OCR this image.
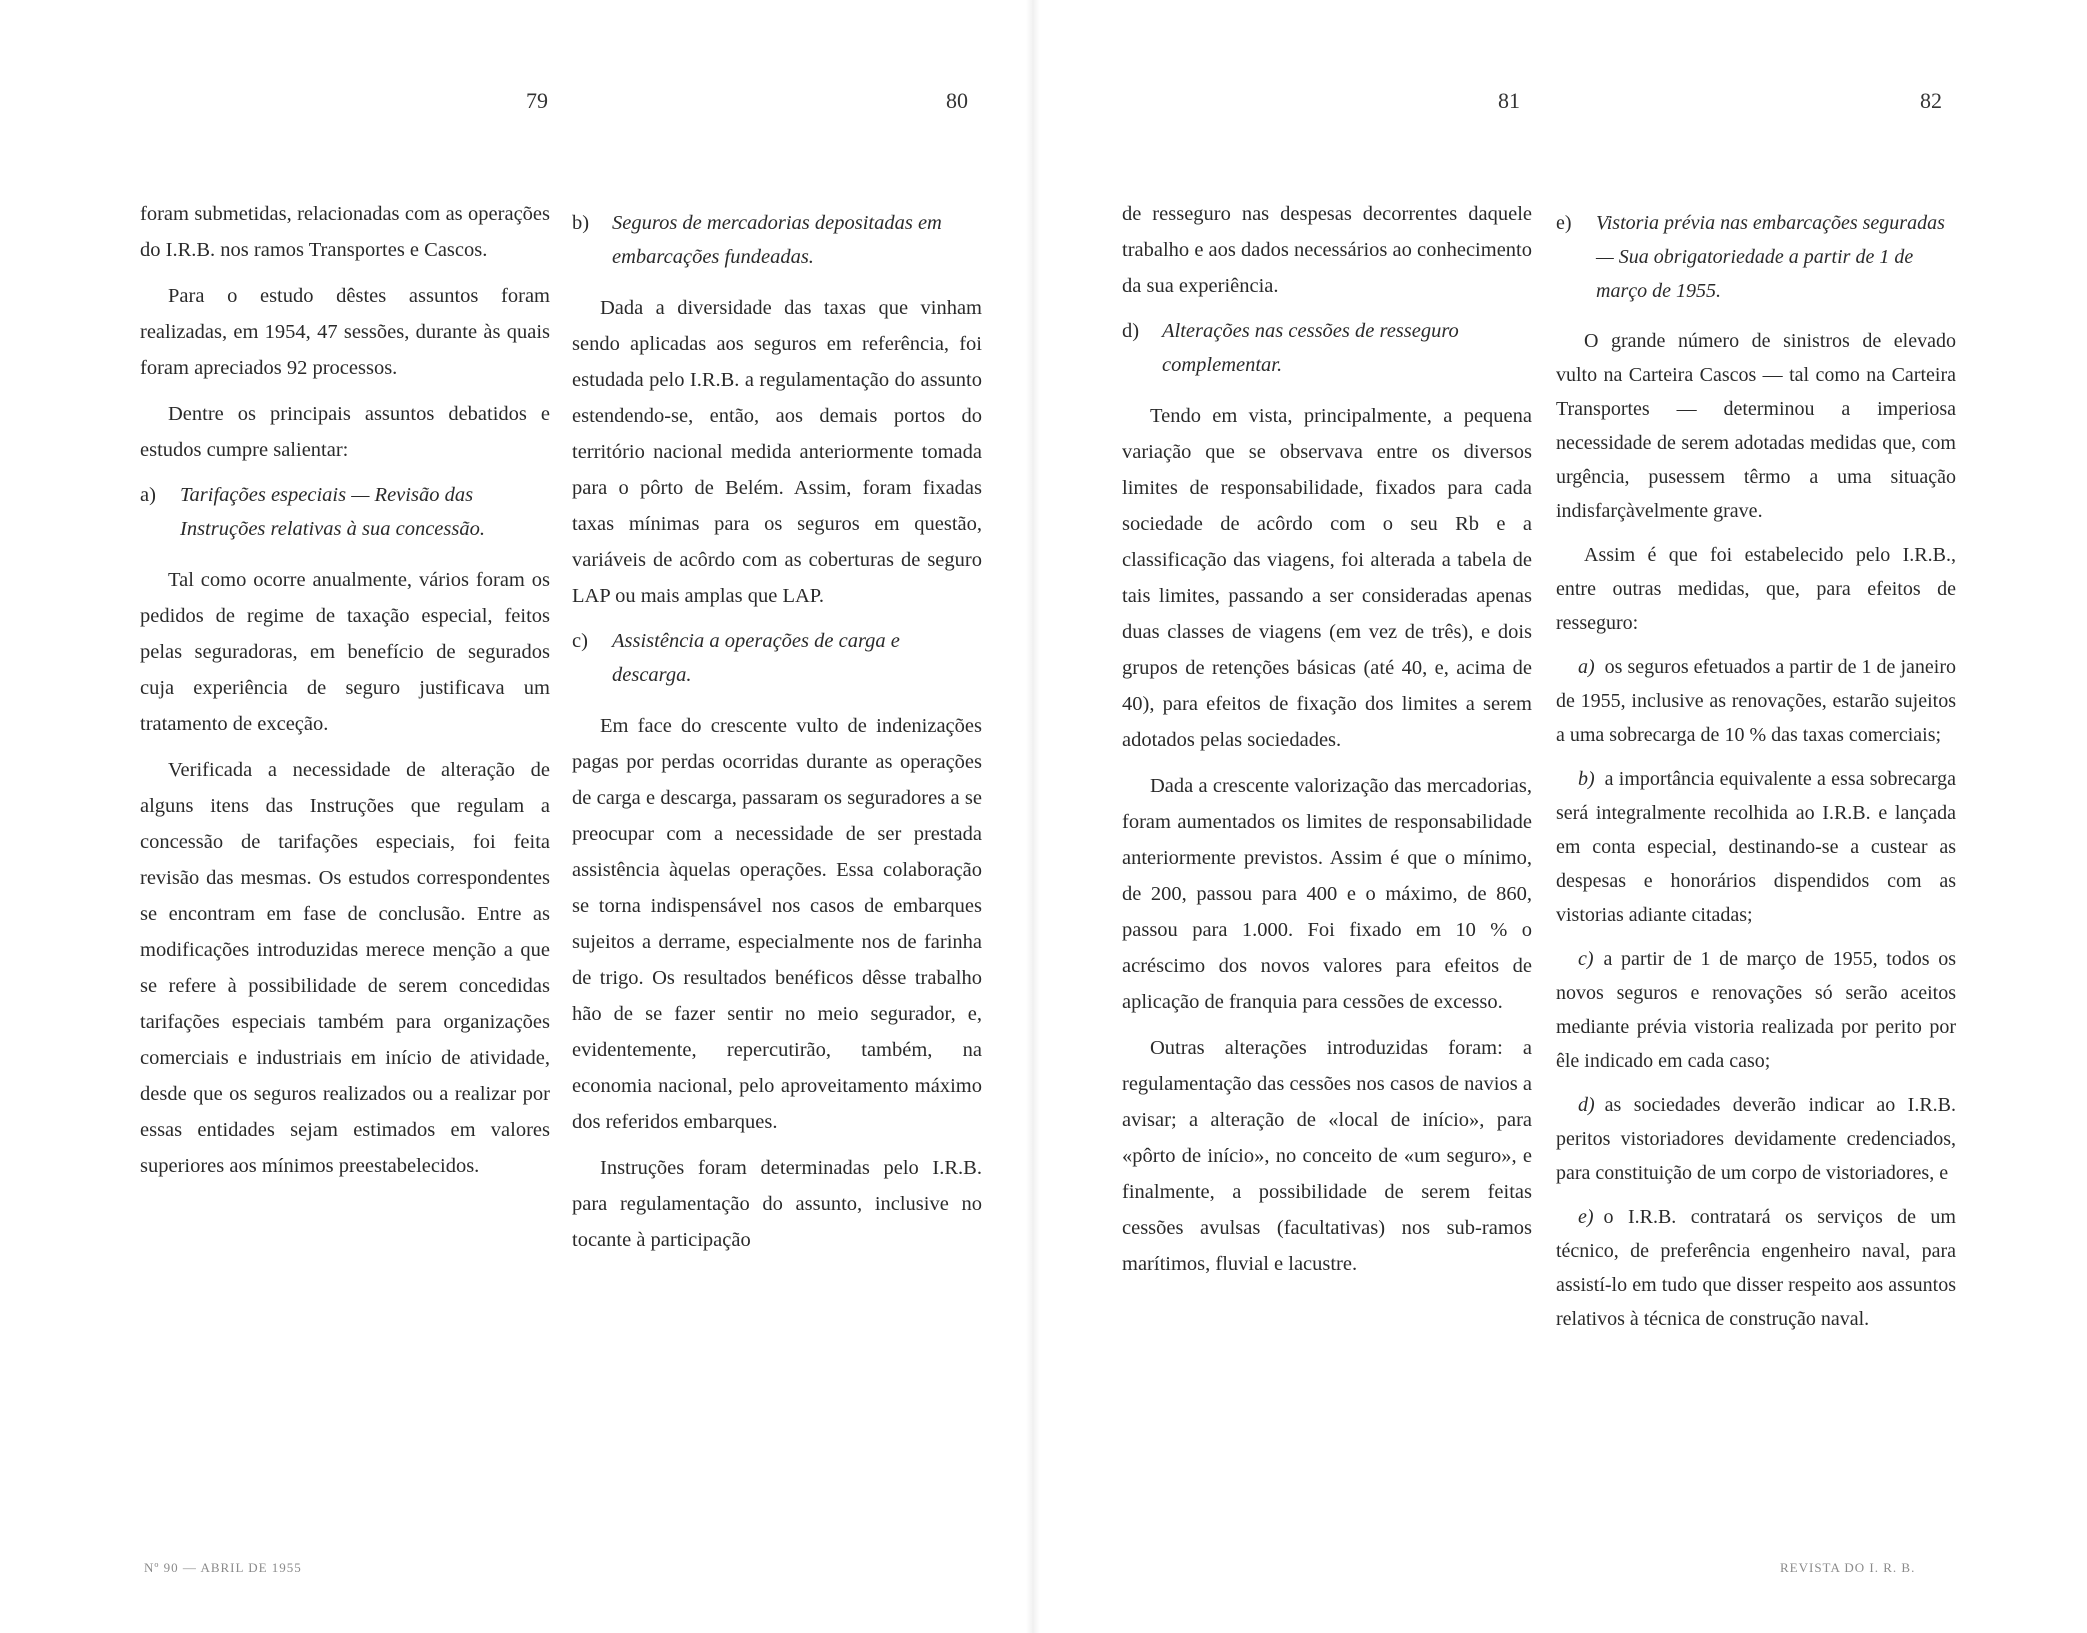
79	80	81	82

foram submetidas, relacionadas com as operações do I.R.B. nos ramos Transportes e Cascos.

Para o estudo dêstes assuntos foram realizadas, em 1954, 47 sessões, durante às quais foram apreciados 92 processos.

Dentre os principais assuntos debatidos e estudos cumpre salientar:

a)	Tarifações especiais — Revisão das Instruções relativas à sua concessão.

Tal como ocorre anualmente, vários foram os pedidos de regime de taxação especial, feitos pelas seguradoras, em benefício de segurados cuja experiência de seguro justificava um tratamento de exceção.

Verificada a necessidade de alteração de alguns itens das Instruções que regulam a concessão de tarifações especiais, foi feita revisão das mesmas. Os estudos correspondentes se encontram em fase de conclusão. Entre as modificações introduzidas merece menção a que se refere à possibilidade de serem concedidas tarifações especiais também para organizações comerciais e industriais em início de atividade, desde que os seguros realizados ou a realizar por essas entidades sejam estimados em valores superiores aos mínimos preestabelecidos.

b)	Seguros de mercadorias depositadas em embarcações fundeadas.

Dada a diversidade das taxas que vinham sendo aplicadas aos seguros em referência, foi estudada pelo I.R.B. a regulamentação do assunto estendendo-se, então, aos demais portos do território nacional medida anteriormente tomada para o pôrto de Belém. Assim, foram fixadas taxas mínimas para os seguros em questão, variáveis de acôrdo com as coberturas de seguro LAP ou mais amplas que LAP.

c)	Assistência a operações de carga e descarga.

Em face do crescente vulto de indenizações pagas por perdas ocorridas durante as operações de carga e descarga, passaram os seguradores a se preocupar com a necessidade de ser prestada assistência àquelas operações. Essa colaboração se torna indispensável nos casos de embarques sujeitos a derrame, especialmente nos de farinha de trigo. Os resultados benéficos dêsse trabalho hão de se fazer sentir no meio segurador, e, evidentemente, repercutirão, também, na economia nacional, pelo aproveitamento máximo dos referidos embarques.

Instruções foram determinadas pelo I.R.B. para regulamentação do assunto, inclusive no tocante à participação

de resseguro nas despesas decorrentes daquele trabalho e aos dados necessários ao conhecimento da sua experiência.

d)	Alterações nas cessões de resseguro complementar.

Tendo em vista, principalmente, a pequena variação que se observava entre os diversos limites de responsabilidade, fixados para cada sociedade de acôrdo com o seu Rb e a classificação das viagens, foi alterada a tabela de tais limites, passando a ser consideradas apenas duas classes de viagens (em vez de três), e dois grupos de retenções básicas (até 40, e, acima de 40), para efeitos de fixação dos limites a serem adotados pelas sociedades.

Dada a crescente valorização das mercadorias, foram aumentados os limites de responsabilidade anteriormente previstos. Assim é que o mínimo, de 200, passou para 400 e o máximo, de 860, passou para 1.000. Foi fixado em 10 % o acréscimo dos novos valores para efeitos de aplicação de franquia para cessões de excesso.

Outras alterações introduzidas foram: a regulamentação das cessões nos casos de navios a avisar; a alteração de «local de início», para «pôrto de início», no conceito de «um seguro», e finalmente, a possibilidade de serem feitas cessões avulsas (facultativas) nos sub-ramos marítimos, fluvial e lacustre.

e)	Vistoria prévia nas embarcações seguradas — Sua obrigatoriedade a partir de 1 de março de 1955.

O grande número de sinistros de elevado vulto na Carteira Cascos — tal como na Carteira Transportes — determinou a imperiosa necessidade de serem adotadas medidas que, com urgência, pusessem têrmo a uma situação indisfarçàvelmente grave.

Assim é que foi estabelecido pelo I.R.B., entre outras medidas, que, para efeitos de resseguro:

a) os seguros efetuados a partir de 1 de janeiro de 1955, inclusive as renovações, estarão sujeitos a uma sobrecarga de 10 % das taxas comerciais;

b) a importância equivalente a essa sobrecarga será integralmente recolhida ao I.R.B. e lançada em conta especial, destinando-se a custear as despesas e honorários dispendidos com as vistorias adiante citadas;

c) a partir de 1 de março de 1955, todos os novos seguros e renovações só serão aceitos mediante prévia vistoria realizada por perito por êle indicado em cada caso;

d) as sociedades deverão indicar ao I.R.B. peritos vistoriadores devidamente credenciados, para constituição de um corpo de vistoriadores, e

e) o I.R.B. contratará os serviços de um técnico, de preferência engenheiro naval, para assistí-lo em tudo que disser respeito aos assuntos relativos à técnica de construção naval.

Nº 90 — ABRIL DE 1955	REVISTA DO I. R. B.
